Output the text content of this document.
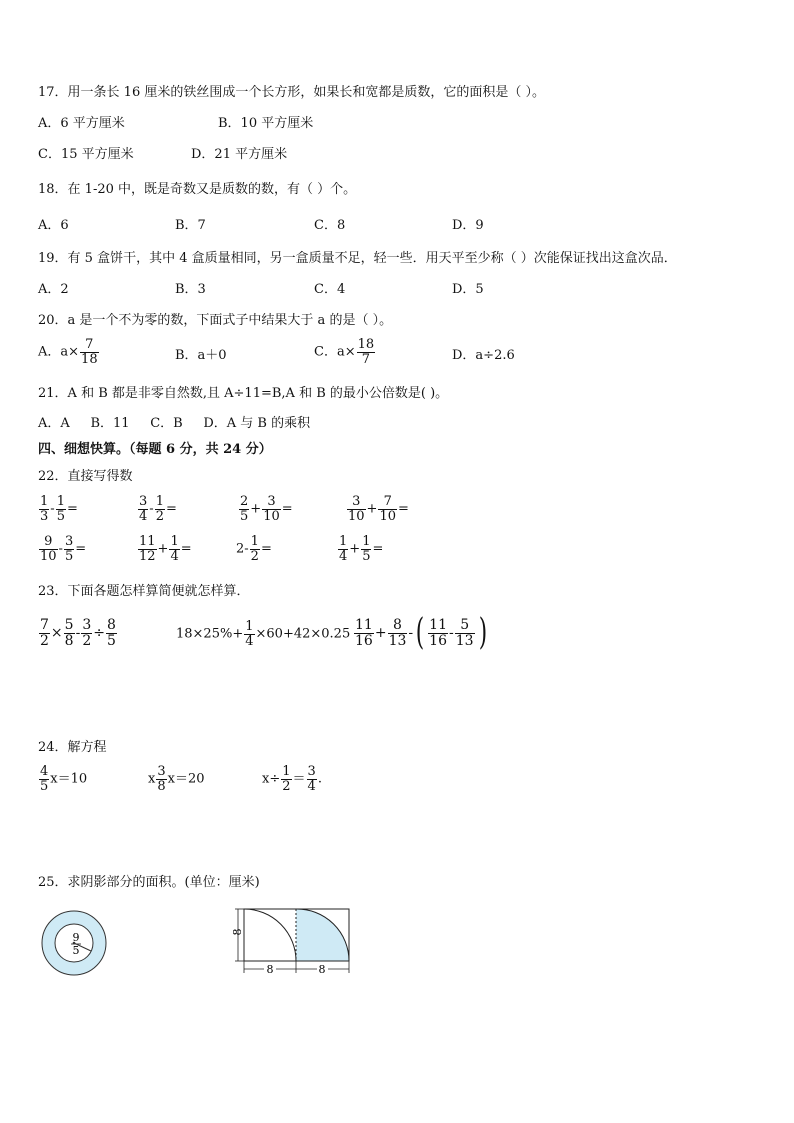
17．用一条长 16 厘米的铁丝围成一个长方形，如果长和宽都是质数，它的面积是（ ）。
A．6 平方厘米	B．10 平方厘米
C．15 平方厘米	D．21 平方厘米
18．在 1-20 中，既是奇数又是质数的数，有（ ）个。
A．6	B．7	C．8	D．9
19．有 5 盒饼干，其中 4 盒质量相同，另一盒质量不足，轻一些．用天平至少称（ ）次能保证找出这盒次品．
A．2	B．3	C．4	D．5
20．a 是一个不为零的数，下面式子中结果大于 a 的是（ ）。
A．$a\times \frac{7}{18}$	B．a＋0	C．$a\times \frac{18}{7}$	D．a÷2.6
21．A 和 B 都是非零自然数,且 A÷11=B,A 和 B 的最小公倍数是( )。
A．A     B．11     C．B     D．A 与 B 的乘积
四、细想快算。（每题 6 分，共 24 分）
22．直接写得数
$\frac{1}{3} - \frac{1}{5}$ =	$\frac{3}{4} - \frac{1}{2}$ =	$\frac{2}{5} + \frac{3}{10}$ =	$\frac{3}{10} + \frac{7}{10}$ =
$\frac{9}{10} - \frac{3}{5}$ =	$\frac{11}{12} + \frac{1}{4}$ =	$2- \frac{1}{2}$ =	$\frac{1}{4} + \frac{1}{5}$ =
23．下面各题怎样算简便就怎样算．
$\frac{7}{2} \times \frac{5}{8} - \frac{3}{2} \div \frac{8}{5}$	$18\times 25\%+ \frac{1}{4} \times 60+42\times 0.25 \frac{11}{16} + \frac{8}{13}$ -( $\frac{11}{16} - \frac{5}{13}$ )
24．解方程
$\frac{4}{5} x=10$	x $\frac{3}{8} x=20$	$x\div \frac{1}{2} = \frac{3}{4}$ .
25．求阴影部分的面积。(单位：厘米)
9
5
8
8	8
